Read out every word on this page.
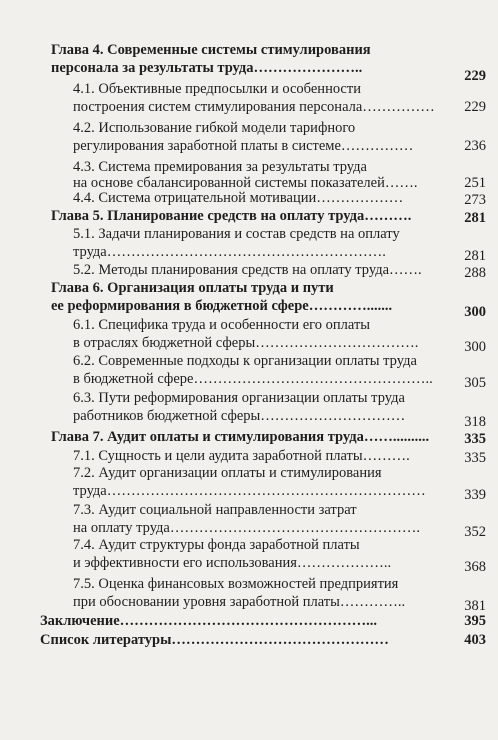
Глава 4. Современные системы стимулирования
персонала за результаты труда…………………..	229
4.1. Объективные предпосылки и особенности
построения систем стимулирования персонала…………… 229
4.2. Использование гибкой модели тарифного
регулирования заработной платы в системе……………	236
4.3. Система премирования за результаты труда
на основе сбалансированной системы показателей…….	251
4.4. Система отрицательной мотивации………………	273
Глава 5. Планирование средств на оплату труда……….	281
5.1. Задачи планирования и состав средств на оплату
труда………………………………………………….	281
5.2. Методы планирования средств на оплату труда…….	288
Глава 6. Организация оплаты труда и пути
ее реформирования в бюджетной сфере………….......	300
6.1. Специфика труда и особенности его оплаты
в отраслях бюджетной сферы…………………………….	300
6.2. Современные подходы к организации оплаты труда
в бюджетной сфере………………………………………….. 305
6.3. Пути реформирования организации оплаты труда
работников бюджетной сферы…………………………	318
Глава 7. Аудит оплаты и стимулирования труда…….......... 335
7.1. Сущность и цели аудита заработной платы……….	335
7.2. Аудит организации оплаты и стимулирования
труда…………………………………………………………	339
7.3. Аудит социальной направленности затрат
на оплату труда…………………………………………….	352
7.4. Аудит структуры фонда заработной платы
и эффективности его использования………………..	368
7.5. Оценка финансовых возможностей предприятия
при обосновании уровня заработной платы…………..	381
Заключение……………………………………………...	395
Список литературы………………………………………	403
